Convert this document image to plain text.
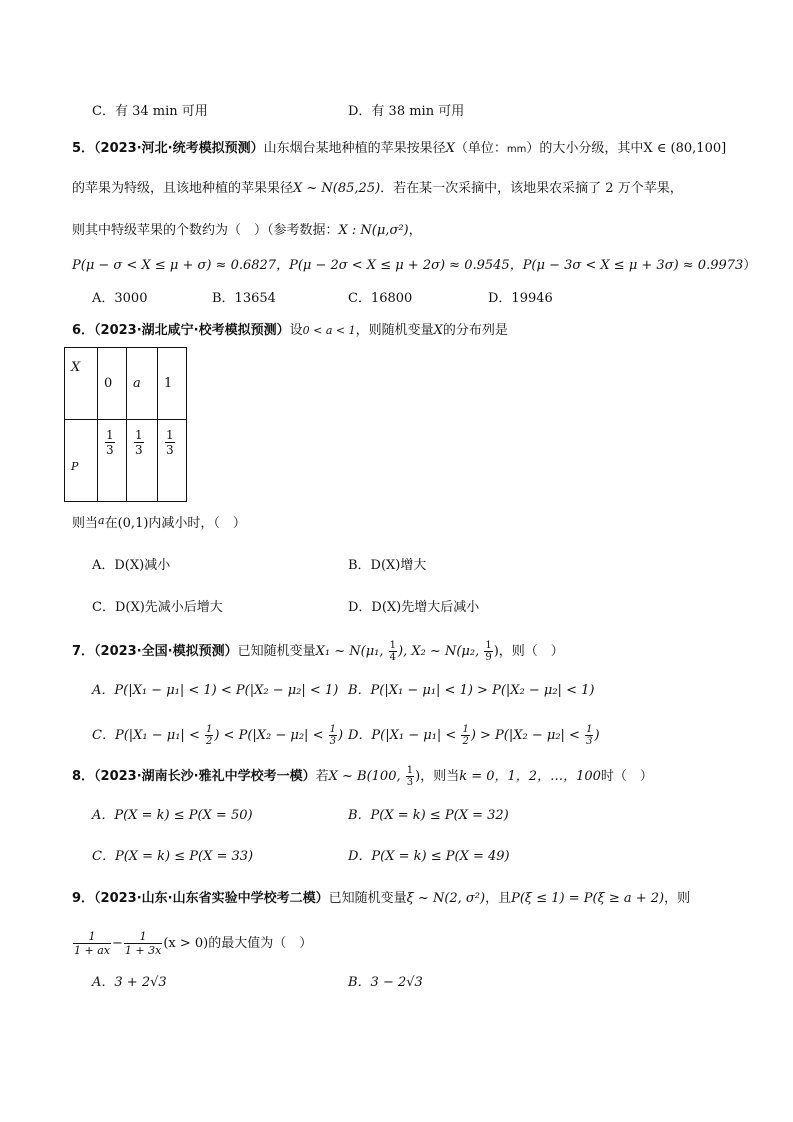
C．有 34 min 可用	D．有 38 min 可用
5．（2023·河北·统考模拟预测）山东烟台某地种植的苹果按果径X（单位：mm）的大小分级，其中X ∈ (80,100]
的苹果为特级，且该地种植的苹果果径X ~ N(85,25)．若在某一次采摘中，该地果农采摘了 2 万个苹果，
则其中特级苹果的个数约为（　）（参考数据：X : N(μ,σ²)，
P(μ − σ < X ≤ μ + σ) ≈ 0.6827，P(μ − 2σ < X ≤ μ + 2σ) ≈ 0.9545，P(μ − 3σ < X ≤ μ + 3σ) ≈ 0.9973）
A．3000	B．13654	C．16800	D．19946
6．（2023·湖北咸宁·校考模拟预测）设0 < a < 1，则随机变量X的分布列是
X	0	a	1
P	$\frac{1}{3}$	$\frac{1}{3}$	$\frac{1}{3}$
则当$^a$在(0,1)内减小时，（　）
A．D(X)减小	B．D(X)增大
C．D(X)先减小后增大	D．D(X)先增大后减小
7．（2023·全国·模拟预测）已知随机变量X₁ ~ N(μ₁, $\frac{1}{4}$ ), X₂ ~ N(μ₂, $\frac{1}{9}$ )，则（　）
A．P(|X₁ − μ₁| < 1) < P(|X₂ − μ₂| < 1) B．P(|X₁ − μ₁| < 1) > P(|X₂ − μ₂| < 1)
C．$P(|X_1 - \mu_1| < \frac{1}{2}$ ) < $P(|X_2 - \mu_2| < \frac{1}{3}$ ) D．$P(|X_1 - \mu_1| < \frac{1}{2}$ ) > $P(|X_2 - \mu_2| < \frac{1}{3}$ )
8．（2023·湖南长沙·雅礼中学校考一模）若X ~ B(100, $\frac{1}{3}$ )，则当k = 0，1，2，…，100时（　）
A．P(X = k) ≤ P(X = 50)	B．P(X = k) ≤ P(X = 32)
C．P(X = k) ≤ P(X = 33)	D．P(X = k) ≤ P(X = 49)
9．（2023·山东·山东省实验中学校考二模）已知随机变量ξ ~ N(2, σ²)，且P(ξ ≤ 1) = P(ξ ≥ a + 2)，则
$\frac{1}{1 + ax} - \frac{1}{1 + 3x} (x > 0)$的最大值为（　）
A．3 + 2√3	B．3 − 2√3
